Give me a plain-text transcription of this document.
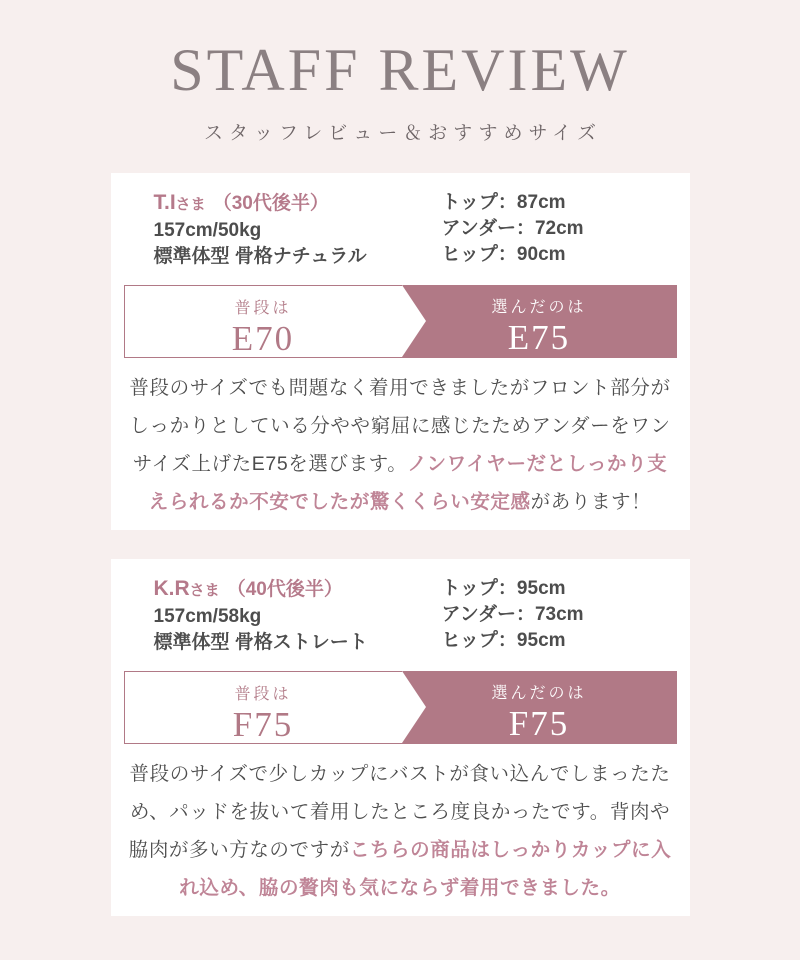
STAFF REVIEW

スタッフレビュー＆おすすめサイズ

T.Iさま （30代後半）

157cm/50kg

標準体型 骨格ナチュラル

トップ：87cm

アンダー：72cm

ヒップ：90cm

普段は

E70

選んだのは

E75

普段のサイズでも問題なく着用できましたがフロント部分がしっかりとしている分やや窮屈に感じたためアンダーをワンサイズ上げたE75を選びます。ノンワイヤーだとしっかり支えられるか不安でしたが驚くくらい安定感があります！

K.Rさま （40代後半）

157cm/58kg

標準体型 骨格ストレート

トップ：95cm

アンダー：73cm

ヒップ：95cm

普段は

F75

選んだのは

F75

普段のサイズで少しカップにバストが食い込んでしまったため、パッドを抜いて着用したところ度良かったです。背肉や脇肉が多い方なのですがこちらの商品はしっかりカップに入れ込め、脇の贅肉も気にならず着用できました。
